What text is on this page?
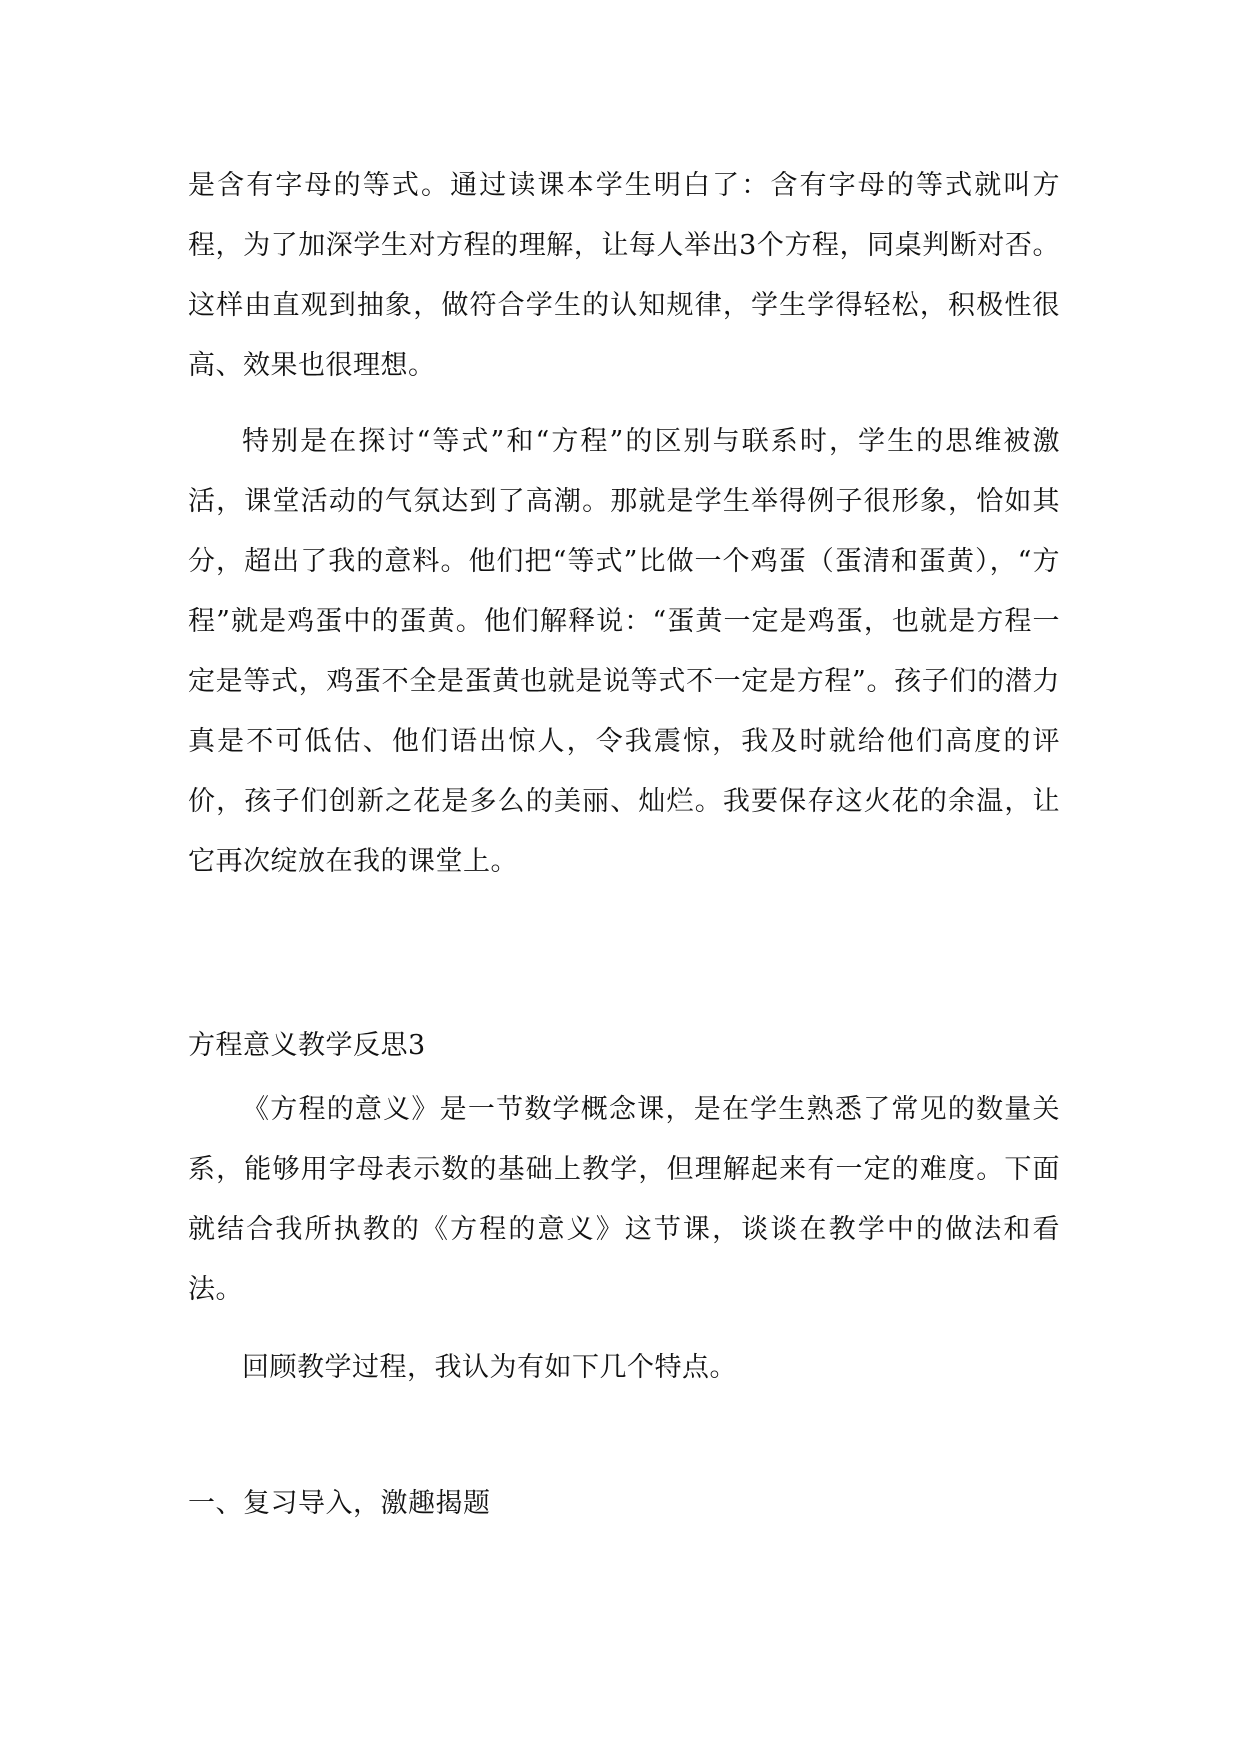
是含有字母的等式。通过读课本学生明白了：含有字母的等式就叫方程，为了加深学生对方程的理解，让每人举出3个方程，同桌判断对否。这样由直观到抽象，做符合学生的认知规律，学生学得轻松，积极性很高、效果也很理想。

特别是在探讨“等式”和“方程”的区别与联系时，学生的思维被激活，课堂活动的气氛达到了高潮。那就是学生举得例子很形象，恰如其分，超出了我的意料。他们把“等式”比做一个鸡蛋（蛋清和蛋黄），“方程”就是鸡蛋中的蛋黄。他们解释说：“蛋黄一定是鸡蛋，也就是方程一定是等式，鸡蛋不全是蛋黄也就是说等式不一定是方程”。孩子们的潜力真是不可低估、他们语出惊人，令我震惊，我及时就给他们高度的评价，孩子们创新之花是多么的美丽、灿烂。我要保存这火花的余温，让它再次绽放在我的课堂上。

方程意义教学反思3

《方程的意义》是一节数学概念课，是在学生熟悉了常见的数量关系，能够用字母表示数的基础上教学，但理解起来有一定的难度。下面就结合我所执教的《方程的意义》这节课，谈谈在教学中的做法和看法。

回顾教学过程，我认为有如下几个特点。

一、复习导入，激趣揭题
